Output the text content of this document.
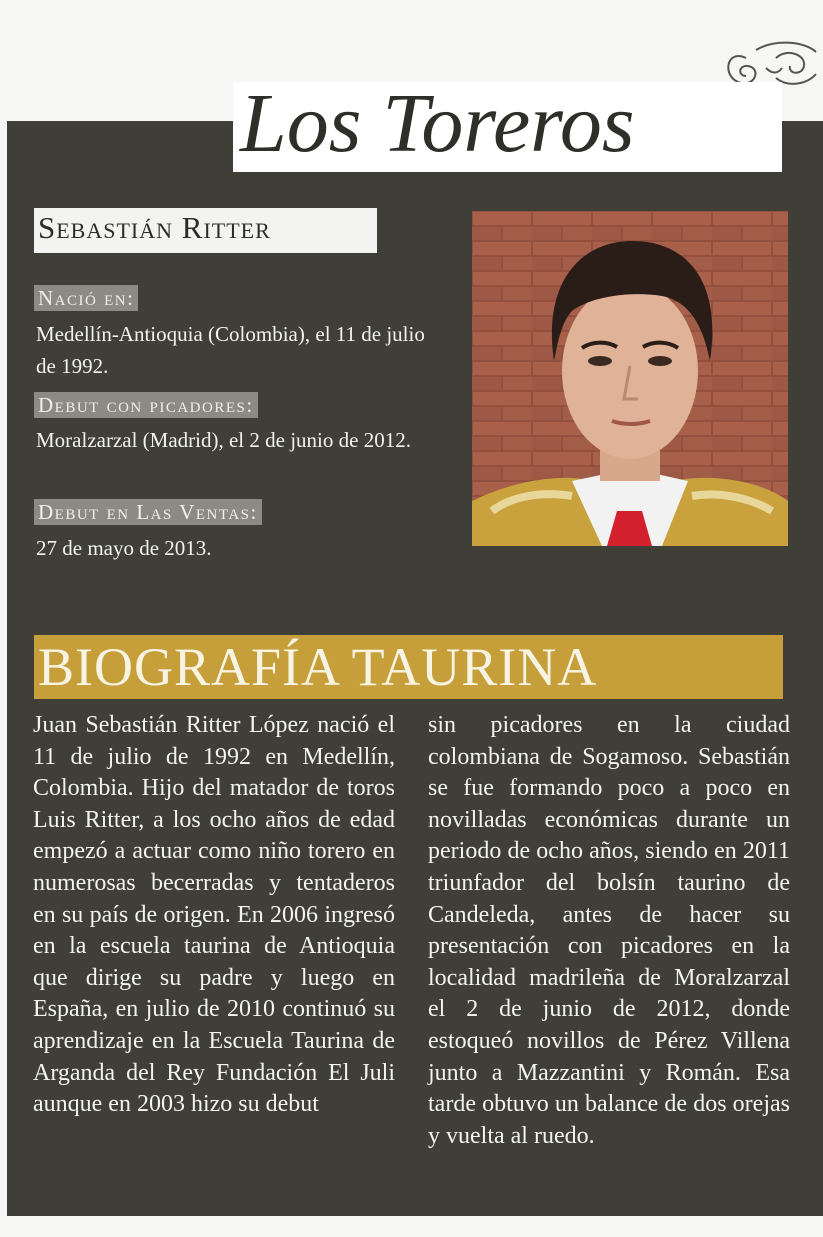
Los Toreros
Sebastián Ritter
Nació en:
Medellín-Antioquia (Colombia), el 11 de julio de 1992.
Debut con picadores:
Moralzarzal (Madrid), el 2 de junio de 2012.
Debut en Las Ventas:
27 de mayo de 2013.
BIOGRAFÍA TAURINA
Juan Sebastián Ritter López nació el 11 de julio de 1992 en Medellín, Colombia. Hijo del matador de toros Luis Ritter, a los ocho años de edad empezó a actuar como niño torero en numerosas becerradas y tentaderos en su país de origen. En 2006 ingresó en la escuela taurina de Antioquia que dirige su padre y luego en España, en julio de 2010 continuó su aprendizaje en la Escuela Taurina de Arganda del Rey Fundación El Juli aunque en 2003 hizo su debut
sin picadores en la ciudad colombiana de Sogamoso. Sebastián se fue formando poco a poco en novilladas económicas durante un periodo de ocho años, siendo en 2011 triunfador del bolsín taurino de Candeleda, antes de hacer su presentación con picadores en la localidad madrileña de Moralzarzal el 2 de junio de 2012, donde estoqueó novillos de Pérez Villena junto a Mazzantini y Román. Esa tarde obtuvo un balance de dos orejas y vuelta al ruedo.
